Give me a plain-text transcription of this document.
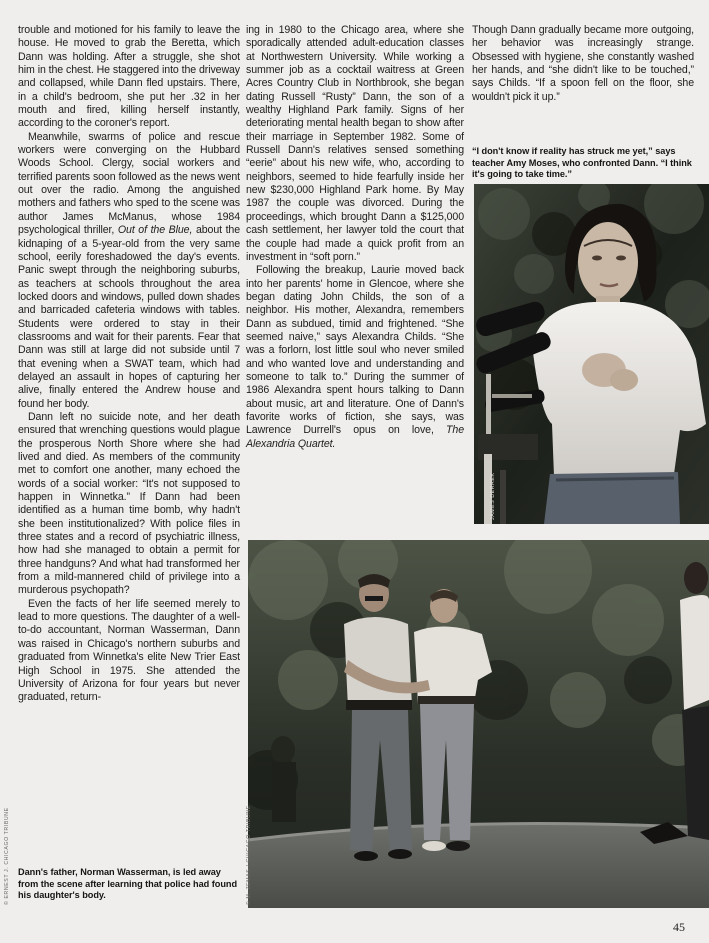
trouble and motioned for his family to leave the house. He moved to grab the Beretta, which Dann was holding. After a struggle, she shot him in the chest. He staggered into the driveway and collapsed, while Dann fled upstairs. There, in a child's bedroom, she put her .32 in her mouth and fired, killing herself instantly, according to the coroner's report.

Meanwhile, swarms of police and rescue workers were converging on the Hubbard Woods School. Clergy, social workers and terrified parents soon followed as the news went out over the radio. Among the anguished mothers and fathers who sped to the scene was author James McManus, whose 1984 psychological thriller, Out of the Blue, about the kidnaping of a 5-year-old from the very same school, eerily foreshadowed the day's events. Panic swept through the neighboring suburbs, as teachers at schools throughout the area locked doors and windows, pulled down shades and barricaded cafeteria windows with tables. Students were ordered to stay in their classrooms and wait for their parents. Fear that Dann was still at large did not subside until 7 that evening when a SWAT team, which had delayed an assault in hopes of capturing her alive, finally entered the Andrew house and found her body.

Dann left no suicide note, and her death ensured that wrenching questions would plague the prosperous North Shore where she had lived and died. As members of the community met to comfort one another, many echoed the words of a social worker: “It's not supposed to happen in Winnetka.” If Dann had been identified as a human time bomb, why hadn't she been institutionalized? With police files in three states and a record of psychiatric illness, how had she managed to obtain a permit for three handguns? And what had transformed her from a mild-mannered child of privilege into a murderous psychopath?

Even the facts of her life seemed merely to lead to more questions. The daughter of a well-to-do accountant, Norman Wasserman, Dann was raised in Chicago's northern suburbs and graduated from Winnetka's elite New Trier East High School in 1975. She attended the University of Arizona for four years but never graduated, return-

ing in 1980 to the Chicago area, where she sporadically attended adult-education classes at Northwestern University. While working a summer job as a cocktail waitress at Green Acres Country Club in Northbrook, she began dating Russell “Rusty” Dann, the son of a wealthy Highland Park family. Signs of her deteriorating mental health began to show after their marriage in September 1982. Some of Russell Dann's relatives sensed something “eerie” about his new wife, who, according to neighbors, seemed to hide fearfully inside her new $230,000 Highland Park home. By May 1987 the couple was divorced. During the proceedings, which brought Dann a $125,000 cash settlement, her lawyer told the court that the couple had made a quick profit from an investment in “soft porn.”

Following the breakup, Laurie moved back into her parents' home in Glencoe, where she began dating John Childs, the son of a neighbor. His mother, Alexandra, remembers Dann as subdued, timid and frightened. “She seemed naive,” says Alexandra Childs. “She was a forlorn, lost little soul who never smiled and who wanted love and understanding and someone to talk to.” During the summer of 1986 Alexandra spent hours talking to Dann about music, art and literature. One of Dann's favorite works of fiction, she says, was Lawrence Durrell's opus on love, The Alexandria Quartet.

Though Dann gradually became more outgoing, her behavior was increasingly strange. Obsessed with hygiene, she constantly washed her hands, and “she didn't like to be touched,” says Childs. “If a spoon fell on the floor, she wouldn't pick it up.”

“I don't know if reality has struck me yet,” says teacher Amy Moses, who confronted Dann. “I think it's going to take time.”
JAMES DERREK
© M. ZEMAS / CHICAGO TRIBUNE
© ERNEST J. CHICAGO TRIBUNE Dann's father, Norman Wasserman, is led away from the scene after learning that police had found his daughter's body.
45
